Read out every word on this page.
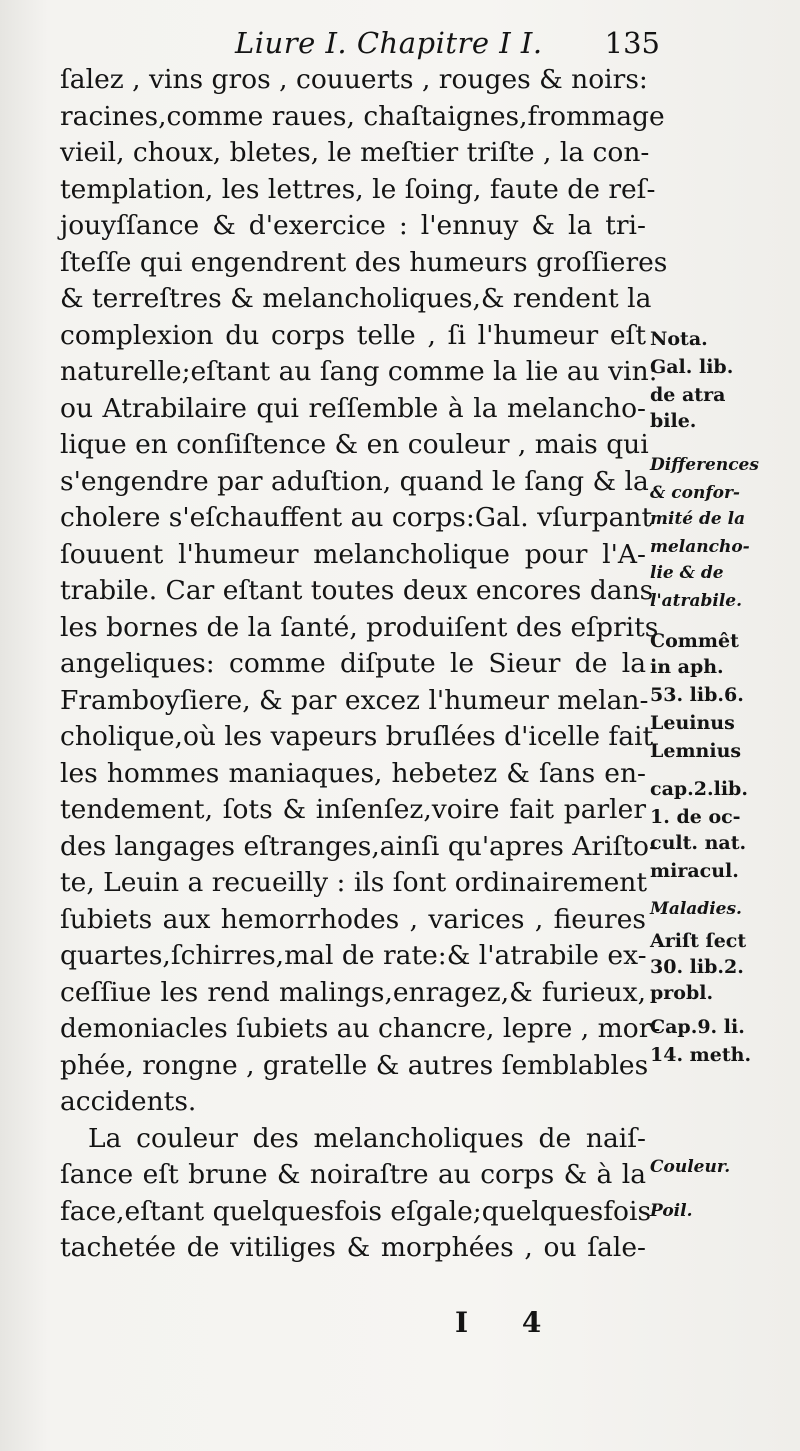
Liure I. Chapitre I I. 135
ſalez , vins gros , couuerts , rouges & noirs:
racines,comme raues, chaſtaignes,frommage
vieil, choux, bletes, le meſtier triſte , la con-
templation, les lettres, le ſoing, faute de reſ-
jouyſſance & d'exercice : l'ennuy & la tri-
ſteſſe qui engendrent des humeurs groſſieres
& terreſtres & melancholiques,& rendent la
complexion du corps telle , ſi l'humeur eſt
naturelle;eſtant au ſang comme la lie au vin:
ou Atrabilaire qui reſſemble à la melancho-
lique en conſiſtence & en couleur , mais qui
s'engendre par aduſtion, quand le ſang & la
cholere s'eſchauffent au corps:Gal. vſurpant
ſouuent l'humeur melancholique pour l'A-
trabile. Car eſtant toutes deux encores dans
les bornes de la ſanté, produiſent des eſprits
angeliques: comme diſpute le Sieur de la
Framboyſiere, & par excez l'humeur melan-
cholique,où les vapeurs bruſlées d'icelle fait
les hommes maniaques, hebetez & ſans en-
tendement, ſots & inſenſez,voire fait parler
des langages eſtranges,ainſi qu'apres Ariſto-
te, Leuin a recueilly : ils ſont ordinairement
ſubiets aux hemorrhodes , varices , fieures
quartes,ſchirres,mal de rate:& l'atrabile ex-
ceſſiue les rend malings,enragez,& furieux,
demoniacles ſubiets au chancre, lepre , mor-
phée, rongne , gratelle & autres ſemblables
accidents.
La couleur des melancholiques de naiſ-
ſance eſt brune & noiraſtre au corps & à la
face,eſtant quelquesfois eſgale;quelquesfois
tachetée de vitiliges & morphées , ou ſale-
Nota.
Gal. lib.
de atra
bile.
Differences
& confor-
mité de la
melancho-
lie & de
l'atrabile.
Commêt
in aph.
53. lib.6.
Leuinus
Lemnius
cap.2.lib.
1. de oc-
cult. nat.
miracul.
Maladies.
Ariſt ſect
30. lib.2.
probl.
Cap.9. li.
14. meth.
Couleur.
Poil.
I 4
